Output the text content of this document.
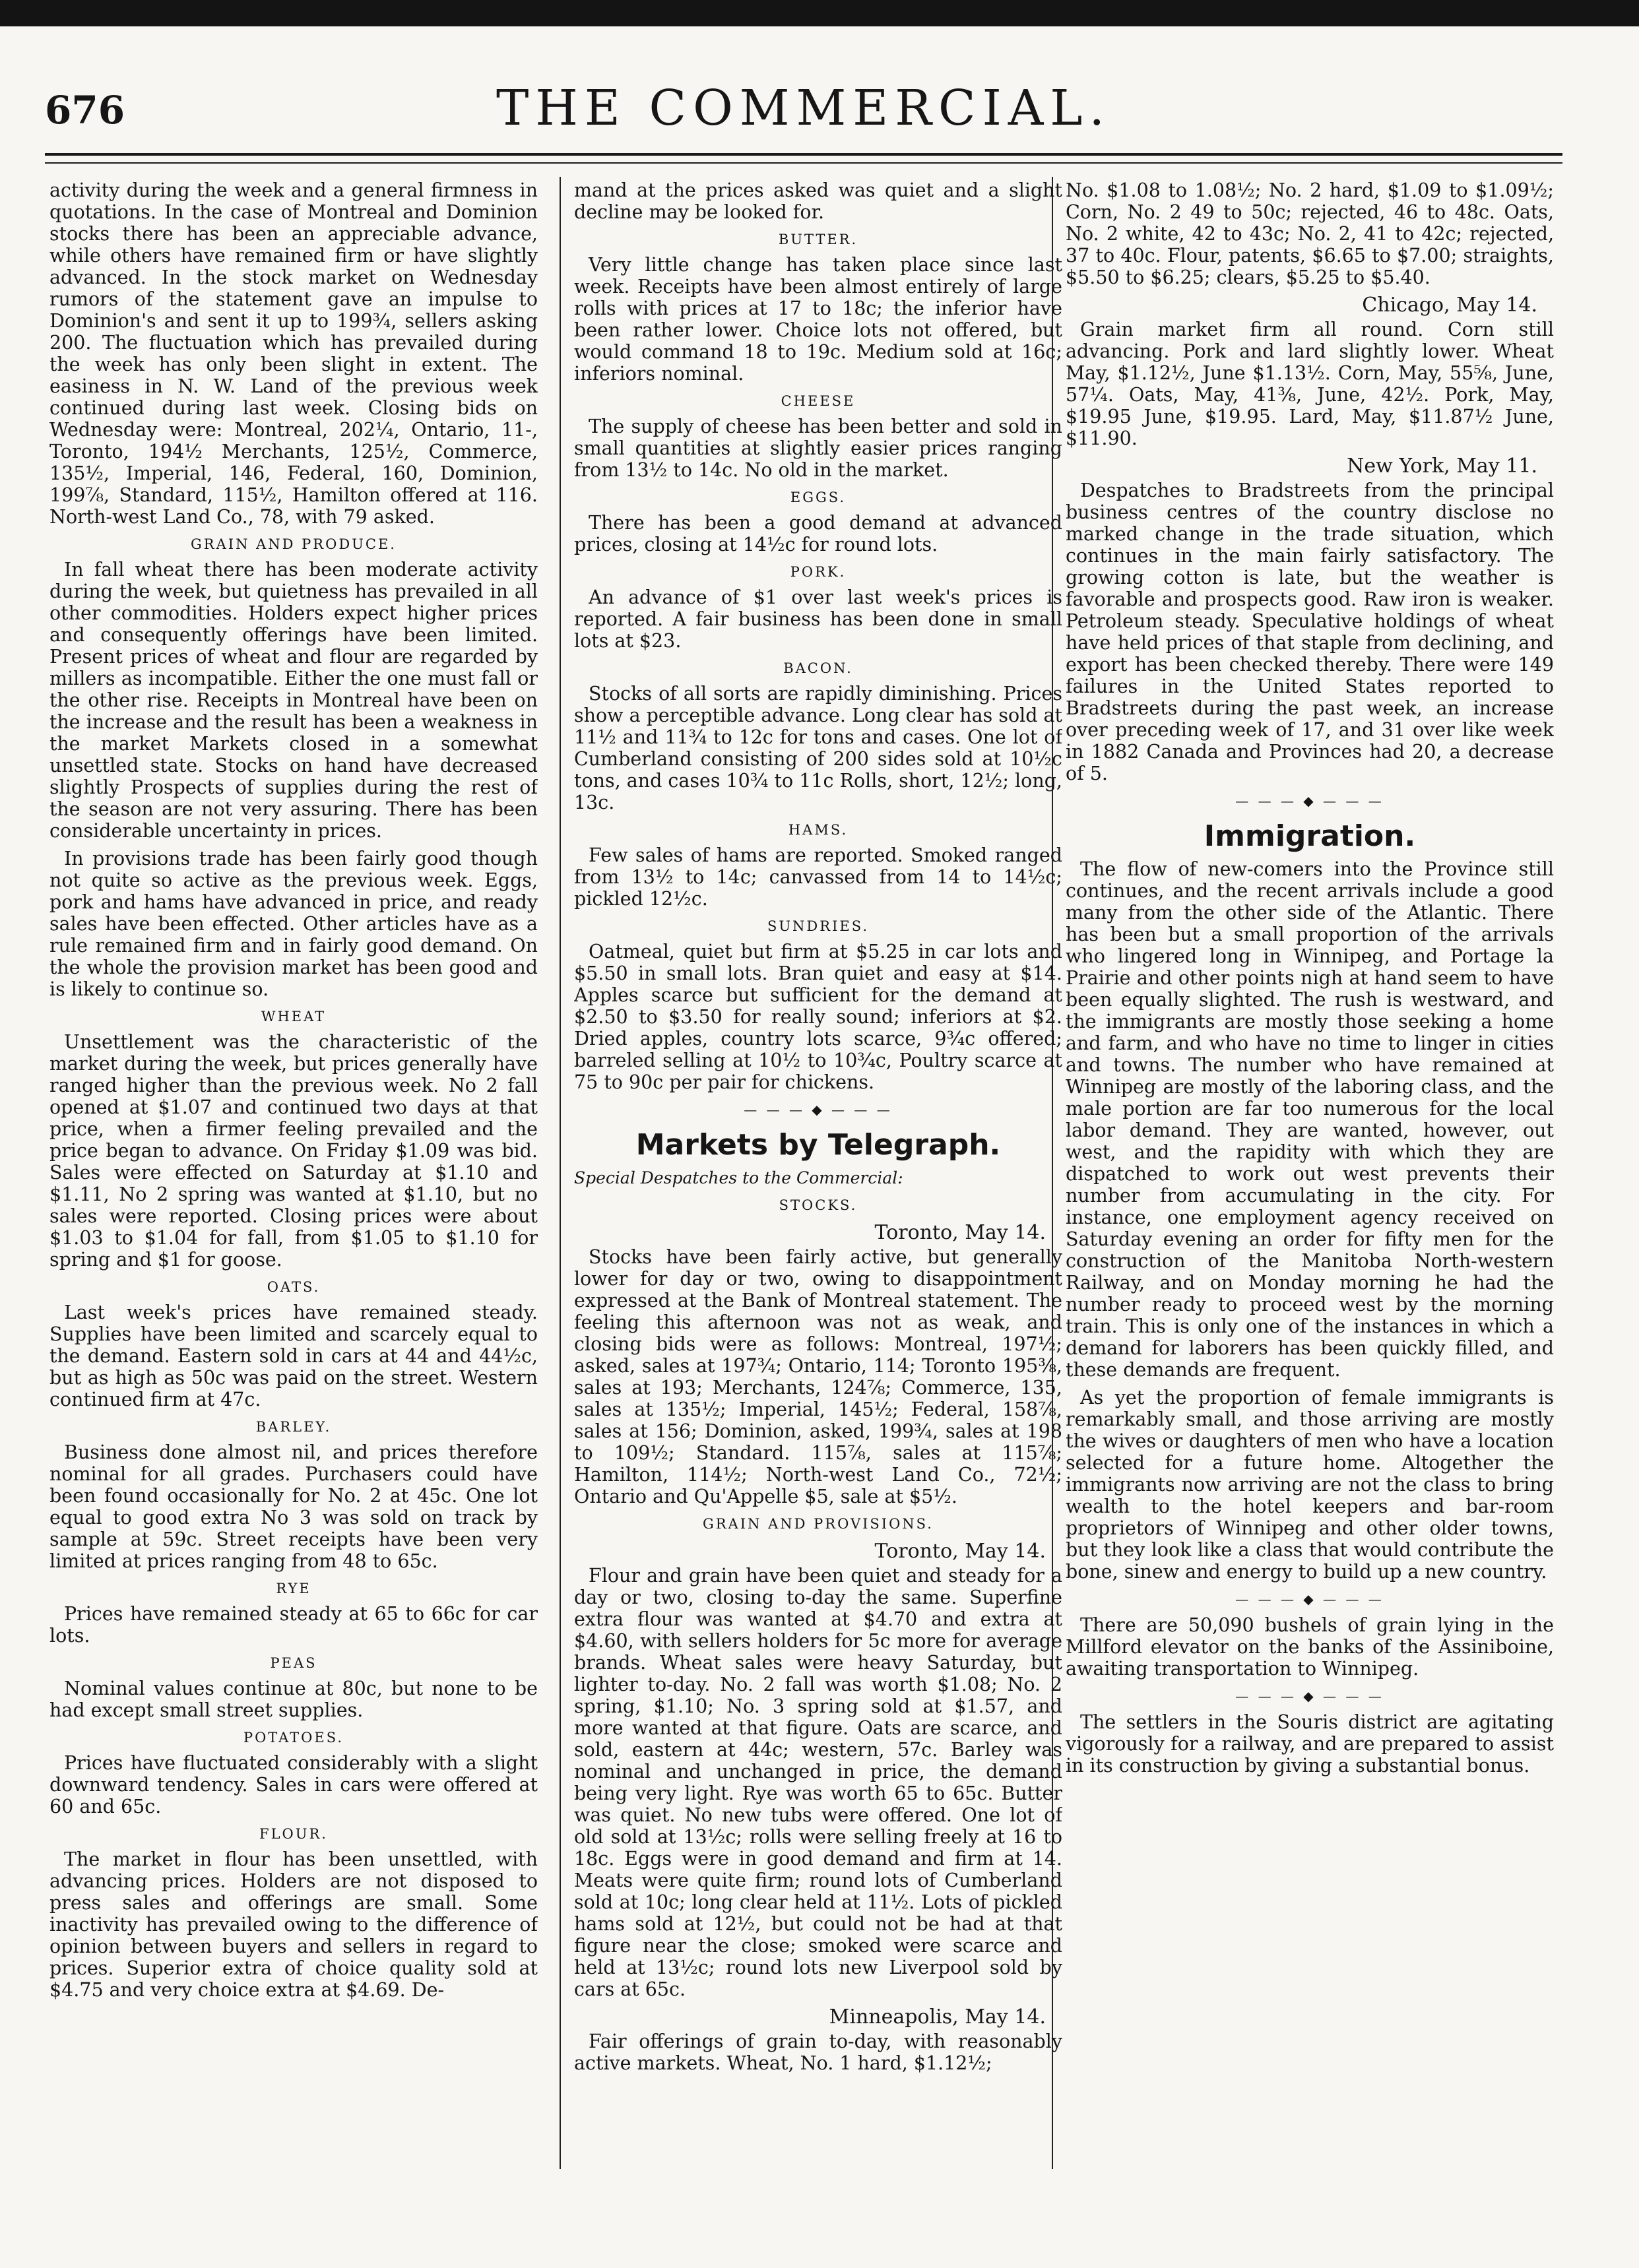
676	THE COMMERCIAL.

activity during the week and a general firmness in quotations. In the case of Montreal and Dominion stocks there has been an appreciable advance, while others have remained firm or have slightly advanced. In the stock market on Wednesday rumors of the statement gave an impulse to Dominion's and sent it up to 199¾, sellers asking 200. The fluctuation which has prevailed during the week has only been slight in extent. The easiness in N. W. Land of the previous week continued during last week. Closing bids on Wednesday were: Montreal, 202¼, Ontario, 11-, Toronto, 194½ Merchants, 125½, Commerce, 135½, Imperial, 146, Federal, 160, Dominion, 199⅞, Standard, 115½, Hamilton offered at 116. North-west Land Co., 78, with 79 asked.

GRAIN AND PRODUCE.

In fall wheat there has been moderate activity during the week, but quietness has prevailed in all other commodities. Holders expect higher prices and consequently offerings have been limited. Present prices of wheat and flour are regarded by millers as incompatible. Either the one must fall or the other rise. Receipts in Montreal have been on the increase and the result has been a weakness in the market Markets closed in a somewhat unsettled state. Stocks on hand have decreased slightly Prospects of supplies during the rest of the season are not very assuring. There has been considerable uncertainty in prices.

In provisions trade has been fairly good though not quite so active as the previous week. Eggs, pork and hams have advanced in price, and ready sales have been effected. Other articles have as a rule remained firm and in fairly good demand. On the whole the provision market has been good and is likely to continue so.

WHEAT

Unsettlement was the characteristic of the market during the week, but prices generally have ranged higher than the previous week. No 2 fall opened at $1.07 and continued two days at that price, when a firmer feeling prevailed and the price began to advance. On Friday $1.09 was bid. Sales were effected on Saturday at $1.10 and $1.11, No 2 spring was wanted at $1.10, but no sales were reported. Closing prices were about $1.03 to $1.04 for fall, from $1.05 to $1.10 for spring and $1 for goose.

OATS.

Last week's prices have remained steady. Supplies have been limited and scarcely equal to the demand. Eastern sold in cars at 44 and 44½c, but as high as 50c was paid on the street. Western continued firm at 47c.

BARLEY.

Business done almost nil, and prices therefore nominal for all grades. Purchasers could have been found occasionally for No. 2 at 45c. One lot equal to good extra No 3 was sold on track by sample at 59c. Street receipts have been very limited at prices ranging from 48 to 65c.

RYE

Prices have remained steady at 65 to 66c for car lots.

PEAS

Nominal values continue at 80c, but none to be had except small street supplies.

POTATOES.

Prices have fluctuated considerably with a slight downward tendency. Sales in cars were offered at 60 and 65c.

FLOUR.

The market in flour has been unsettled, with advancing prices. Holders are not disposed to press sales and offerings are small. Some inactivity has prevailed owing to the difference of opinion between buyers and sellers in regard to prices. Superior extra of choice quality sold at $4.75 and very choice extra at $4.69. De-

mand at the prices asked was quiet and a slight decline may be looked for.

BUTTER.

Very little change has taken place since last week. Receipts have been almost entirely of large rolls with prices at 17 to 18c; the inferior have been rather lower. Choice lots not offered, but would command 18 to 19c. Medium sold at 16c; inferiors nominal.

CHEESE

The supply of cheese has been better and sold in small quantities at slightly easier prices ranging from 13½ to 14c. No old in the market.

EGGS.

There has been a good demand at advanced prices, closing at 14½c for round lots.

PORK.

An advance of $1 over last week's prices is reported. A fair business has been done in small lots at $23.

BACON.

Stocks of all sorts are rapidly diminishing. Prices show a perceptible advance. Long clear has sold at 11½ and 11¾ to 12c for tons and cases. One lot of Cumberland consisting of 200 sides sold at 10½c tons, and cases 10¾ to 11c Rolls, short, 12½; long, 13c.

HAMS.

Few sales of hams are reported. Smoked ranged from 13½ to 14c; canvassed from 14 to 14½c; pickled 12½c.

SUNDRIES.

Oatmeal, quiet but firm at $5.25 in car lots and $5.50 in small lots. Bran quiet and easy at $14. Apples scarce but sufficient for the demand at $2.50 to $3.50 for really sound; inferiors at $2. Dried apples, country lots scarce, 9¾c offered; barreled selling at 10½ to 10¾c, Poultry scarce at 75 to 90c per pair for chickens.

— — — ◆ — — —
Markets by Telegraph.

Special Despatches to the Commercial:

STOCKS.

Toronto, May 14.

Stocks have been fairly active, but generally lower for day or two, owing to disappointment expressed at the Bank of Montreal statement. The feeling this afternoon was not as weak, and closing bids were as follows: Montreal, 197½; asked, sales at 197¾; Ontario, 114; Toronto 195⅜, sales at 193; Merchants, 124⅞; Commerce, 135, sales at 135½; Imperial, 145½; Federal, 158⅞, sales at 156; Dominion, asked, 199¾, sales at 198 to 109½; Standard. 115⅞, sales at 115⅞; Hamilton, 114½; North-west Land Co., 72½; Ontario and Qu'Appelle $5, sale at $5½.

GRAIN AND PROVISIONS.

Toronto, May 14.

Flour and grain have been quiet and steady for a day or two, closing to-day the same. Superfine extra flour was wanted at $4.70 and extra at $4.60, with sellers holders for 5c more for average brands. Wheat sales were heavy Saturday, but lighter to-day. No. 2 fall was worth $1.08; No. 2 spring, $1.10; No. 3 spring sold at $1.57, and more wanted at that figure. Oats are scarce, and sold, eastern at 44c; western, 57c. Barley was nominal and unchanged in price, the demand being very light. Rye was worth 65 to 65c. Butter was quiet. No new tubs were offered. One lot of old sold at 13½c; rolls were selling freely at 16 to 18c. Eggs were in good demand and firm at 14. Meats were quite firm; round lots of Cumberland sold at 10c; long clear held at 11½. Lots of pickled hams sold at 12½, but could not be had at that figure near the close; smoked were scarce and held at 13½c; round lots new Liverpool sold by cars at 65c.

Minneapolis, May 14.

Fair offerings of grain to-day, with reasonably active markets. Wheat, No. 1 hard, $1.12½;

No. $1.08 to 1.08½; No. 2 hard, $1.09 to $1.09½; Corn, No. 2 49 to 50c; rejected, 46 to 48c. Oats, No. 2 white, 42 to 43c; No. 2, 41 to 42c; rejected, 37 to 40c. Flour, patents, $6.65 to $7.00; straights, $5.50 to $6.25; clears, $5.25 to $5.40.

Chicago, May 14.

Grain market firm all round. Corn still advancing. Pork and lard slightly lower. Wheat May, $1.12½, June $1.13½. Corn, May, 55⅝, June, 57¼. Oats, May, 41⅜, June, 42½. Pork, May, $19.95 June, $19.95. Lard, May, $11.87½ June, $11.90.

New York, May 11.

Despatches to Bradstreets from the principal business centres of the country disclose no marked change in the trade situation, which continues in the main fairly satisfactory. The growing cotton is late, but the weather is favorable and prospects good. Raw iron is weaker. Petroleum steady. Speculative holdings of wheat have held prices of that staple from declining, and export has been checked thereby. There were 149 failures in the United States reported to Bradstreets during the past week, an increase over preceding week of 17, and 31 over like week in 1882 Canada and Provinces had 20, a decrease of 5.

— — — ◆ — — —
Immigration.

The flow of new-comers into the Province still continues, and the recent arrivals include a good many from the other side of the Atlantic. There has been but a small proportion of the arrivals who lingered long in Winnipeg, and Portage la Prairie and other points nigh at hand seem to have been equally slighted. The rush is westward, and the immigrants are mostly those seeking a home and farm, and who have no time to linger in cities and towns. The number who have remained at Winnipeg are mostly of the laboring class, and the male portion are far too numerous for the local labor demand. They are wanted, however, out west, and the rapidity with which they are dispatched to work out west prevents their number from accumulating in the city. For instance, one employment agency received on Saturday evening an order for fifty men for the construction of the Manitoba North-western Railway, and on Monday morning he had the number ready to proceed west by the morning train. This is only one of the instances in which a demand for laborers has been quickly filled, and these demands are frequent.

As yet the proportion of female immigrants is remarkably small, and those arriving are mostly the wives or daughters of men who have a location selected for a future home. Altogether the immigrants now arriving are not the class to bring wealth to the hotel keepers and bar-room proprietors of Winnipeg and other older towns, but they look like a class that would contribute the bone, sinew and energy to build up a new country.

— — — ◆ — — —

There are 50,090 bushels of grain lying in the Millford elevator on the banks of the Assiniboine, awaiting transportation to Winnipeg.

— — — ◆ — — —

The settlers in the Souris district are agitating vigorously for a railway, and are prepared to assist in its construction by giving a substantial bonus.
